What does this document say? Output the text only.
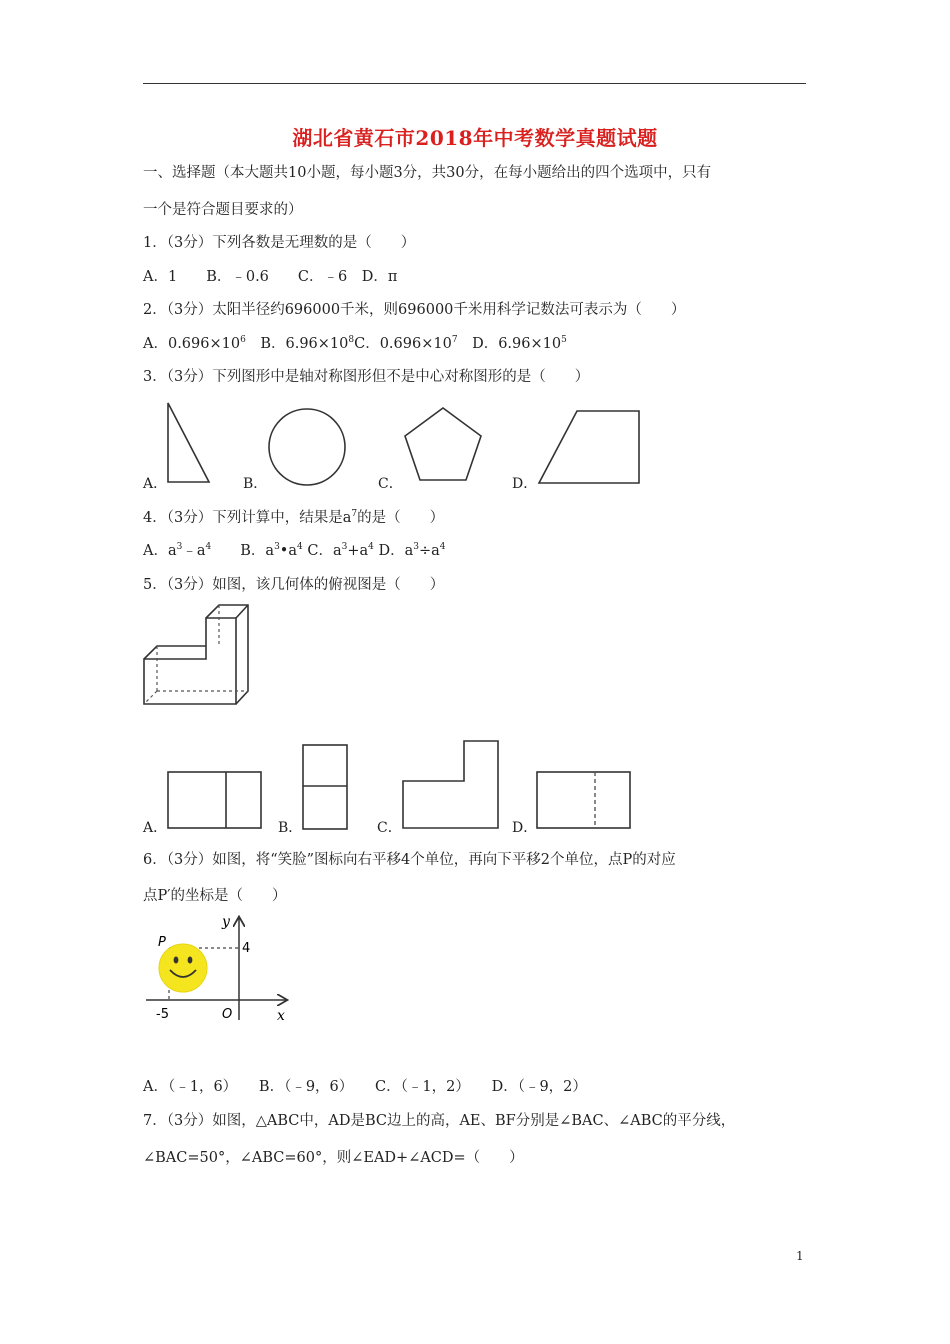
湖北省黄石市2018年中考数学真题试题
一、选择题（本大题共10小题，每小题3分，共30分，在每小题给出的四个选项中，只有
一个是符合题目要求的）
1．（3分）下列各数是无理数的是（　　）
A．1　　B．﹣0.6　　C．﹣6　D．π
2．（3分）太阳半径约696000千米，则696000千米用科学记数法可表示为（　　）
A．$0.696\times 10^6$　 B．$6.96\times 10^8C$．$0.696\times 10^7$　 D．$6.96\times 10^5$
3．（3分）下列图形中是轴对称图形但不是中心对称图形的是（　　）
A．	B．	C．	D．
4．（3分）下列计算中，结果是$a^7$的是（　　）
A．$a^3﹣a^4$　　 B．$a^3•a^4$ C．$a^3+a^4$ D．$a^3\div a^4$
5．（3分）如图，该几何体的俯视图是（　　）
A．	B．	C．	D．
6．（3分）如图，将“笑脸”图标向右平移4个单位，再向下平移2个单位，点P的对应
点P′的坐标是（　　）
y
x
P	4
-5	O
A．（﹣1，6）　　B．（﹣9，6）　　C．（﹣1，2）　　D．（﹣9，2）
7．（3分）如图，△ABC中，AD是BC边上的高，AE、BF分别是∠BAC、∠ABC的平分线，
∠BAC=50°，∠ABC=60°，则∠EAD+∠ACD=（　　）
1
